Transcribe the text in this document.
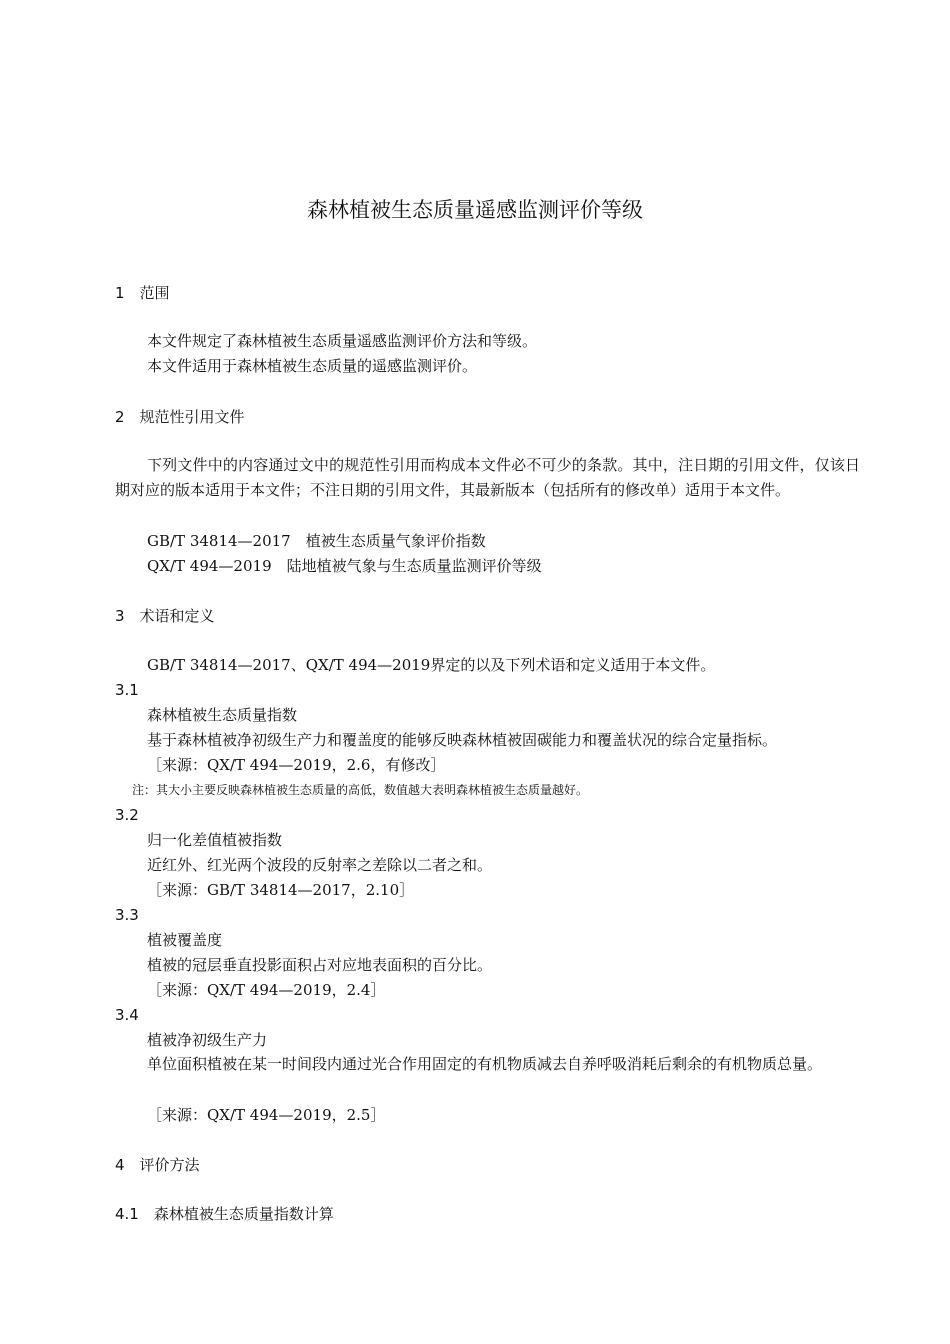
森林植被生态质量遥感监测评价等级
1　范围
本文件规定了森林植被生态质量遥感监测评价方法和等级。
本文件适用于森林植被生态质量的遥感监测评价。
2　规范性引用文件
下列文件中的内容通过文中的规范性引用而构成本文件必不可少的条款。其中，注日期的引用文件，仅该日期对应的版本适用于本文件；不注日期的引用文件，其最新版本（包括所有的修改单）适用于本文件。
GB/T 34814—2017　植被生态质量气象评价指数
QX/T 494—2019　陆地植被气象与生态质量监测评价等级
3　术语和定义
GB/T 34814—2017、QX/T 494—2019界定的以及下列术语和定义适用于本文件。
3.1
森林植被生态质量指数
基于森林植被净初级生产力和覆盖度的能够反映森林植被固碳能力和覆盖状况的综合定量指标。
［来源：QX/T 494—2019，2.6，有修改］
注：其大小主要反映森林植被生态质量的高低，数值越大表明森林植被生态质量越好。
3.2
归一化差值植被指数
近红外、红光两个波段的反射率之差除以二者之和。
［来源：GB/T 34814—2017，2.10］
3.3
植被覆盖度
植被的冠层垂直投影面积占对应地表面积的百分比。
［来源：QX/T 494—2019，2.4］
3.4
植被净初级生产力
单位面积植被在某一时间段内通过光合作用固定的有机物质减去自养呼吸消耗后剩余的有机物质总量。
［来源：QX/T 494—2019，2.5］
4　评价方法
4.1　森林植被生态质量指数计算
